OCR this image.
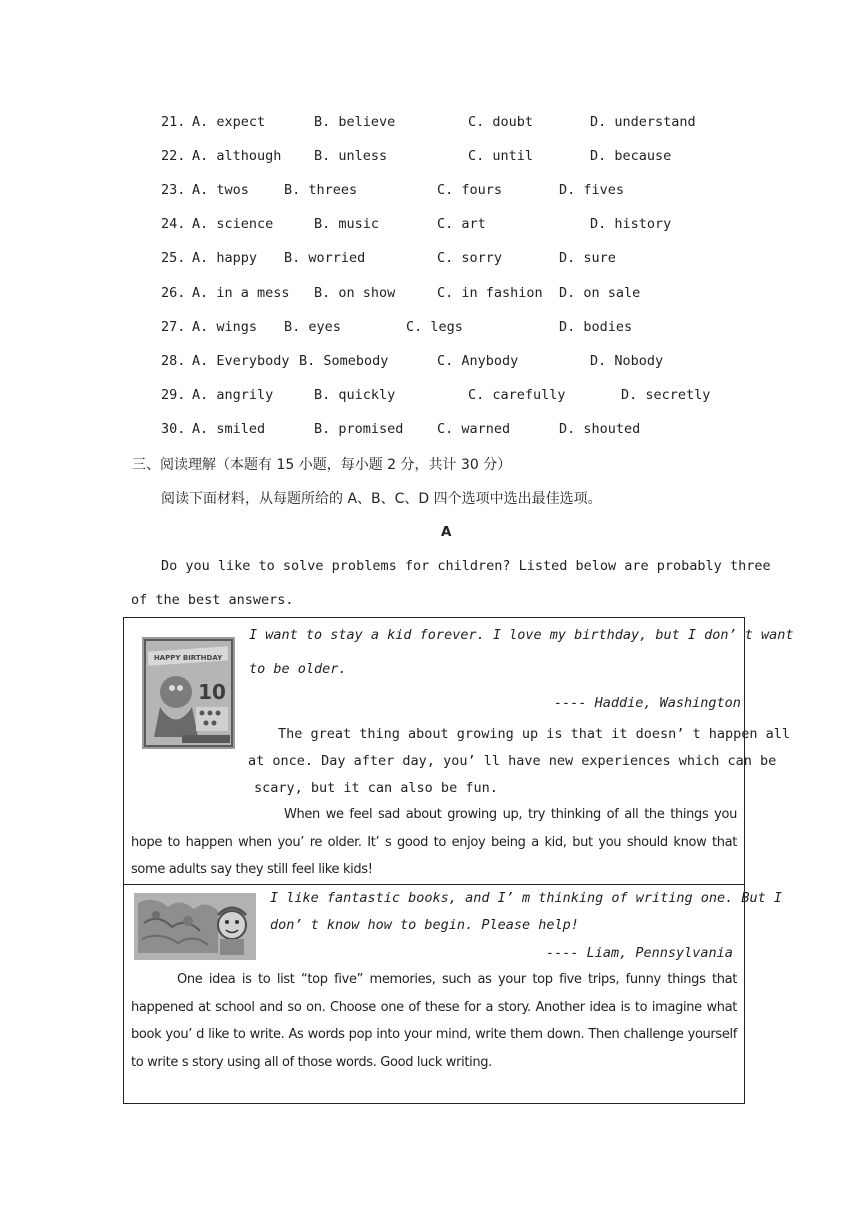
21. A. expect	B. believe	C. doubt	D. understand
22. A. although B. unless	C. until	D. because
23. A. twos	B. threes	C. fours	D. fives
24. A. science	B. music	C. art	D. history
25. A. happy B. worried	C. sorry	D. sure
26. A. in a mess B. on show	C. in fashion D. on sale
27. A. wings B. eyes	C. legs	D. bodies
28. A. Everybody B. Somebody	C. Anybody	D. Nobody
29. A. angrily	B. quickly	C. carefully	D. secretly
30. A. smiled	B. promised C. warned	D. shouted
三、阅读理解（本题有 15 小题，每小题 2 分，共计 30 分）
阅读下面材料，从每题所给的 A、B、C、D 四个选项中选出最佳选项。
A
Do you like to solve problems for children? Listed below are probably three
of the best answers.
HAPPY BIRTHDAY
10
I want to stay a kid forever. I love my birthday, but I don’ t want
to be older.
---- Haddie, Washington
The great thing about growing up is that it doesn’ t happen all
at once. Day after day, you’ ll have new experiences which can be
scary, but it can also be fun.
When we feel sad about growing up, try thinking of all the things you hope to happen when you’ re older. It’ s good to enjoy being a kid, but you should know that some adults say they still feel like kids!
I like fantastic books, and I’ m thinking of writing one. But I
don’ t know how to begin. Please help!
---- Liam, Pennsylvania
One idea is to list “top five” memories, such as your top five trips, funny things that happened at school and so on. Choose one of these for a story. Another idea is to imagine what book you’ d like to write. As words pop into your mind, write them down. Then challenge yourself to write s story using all of those words. Good luck writing.
